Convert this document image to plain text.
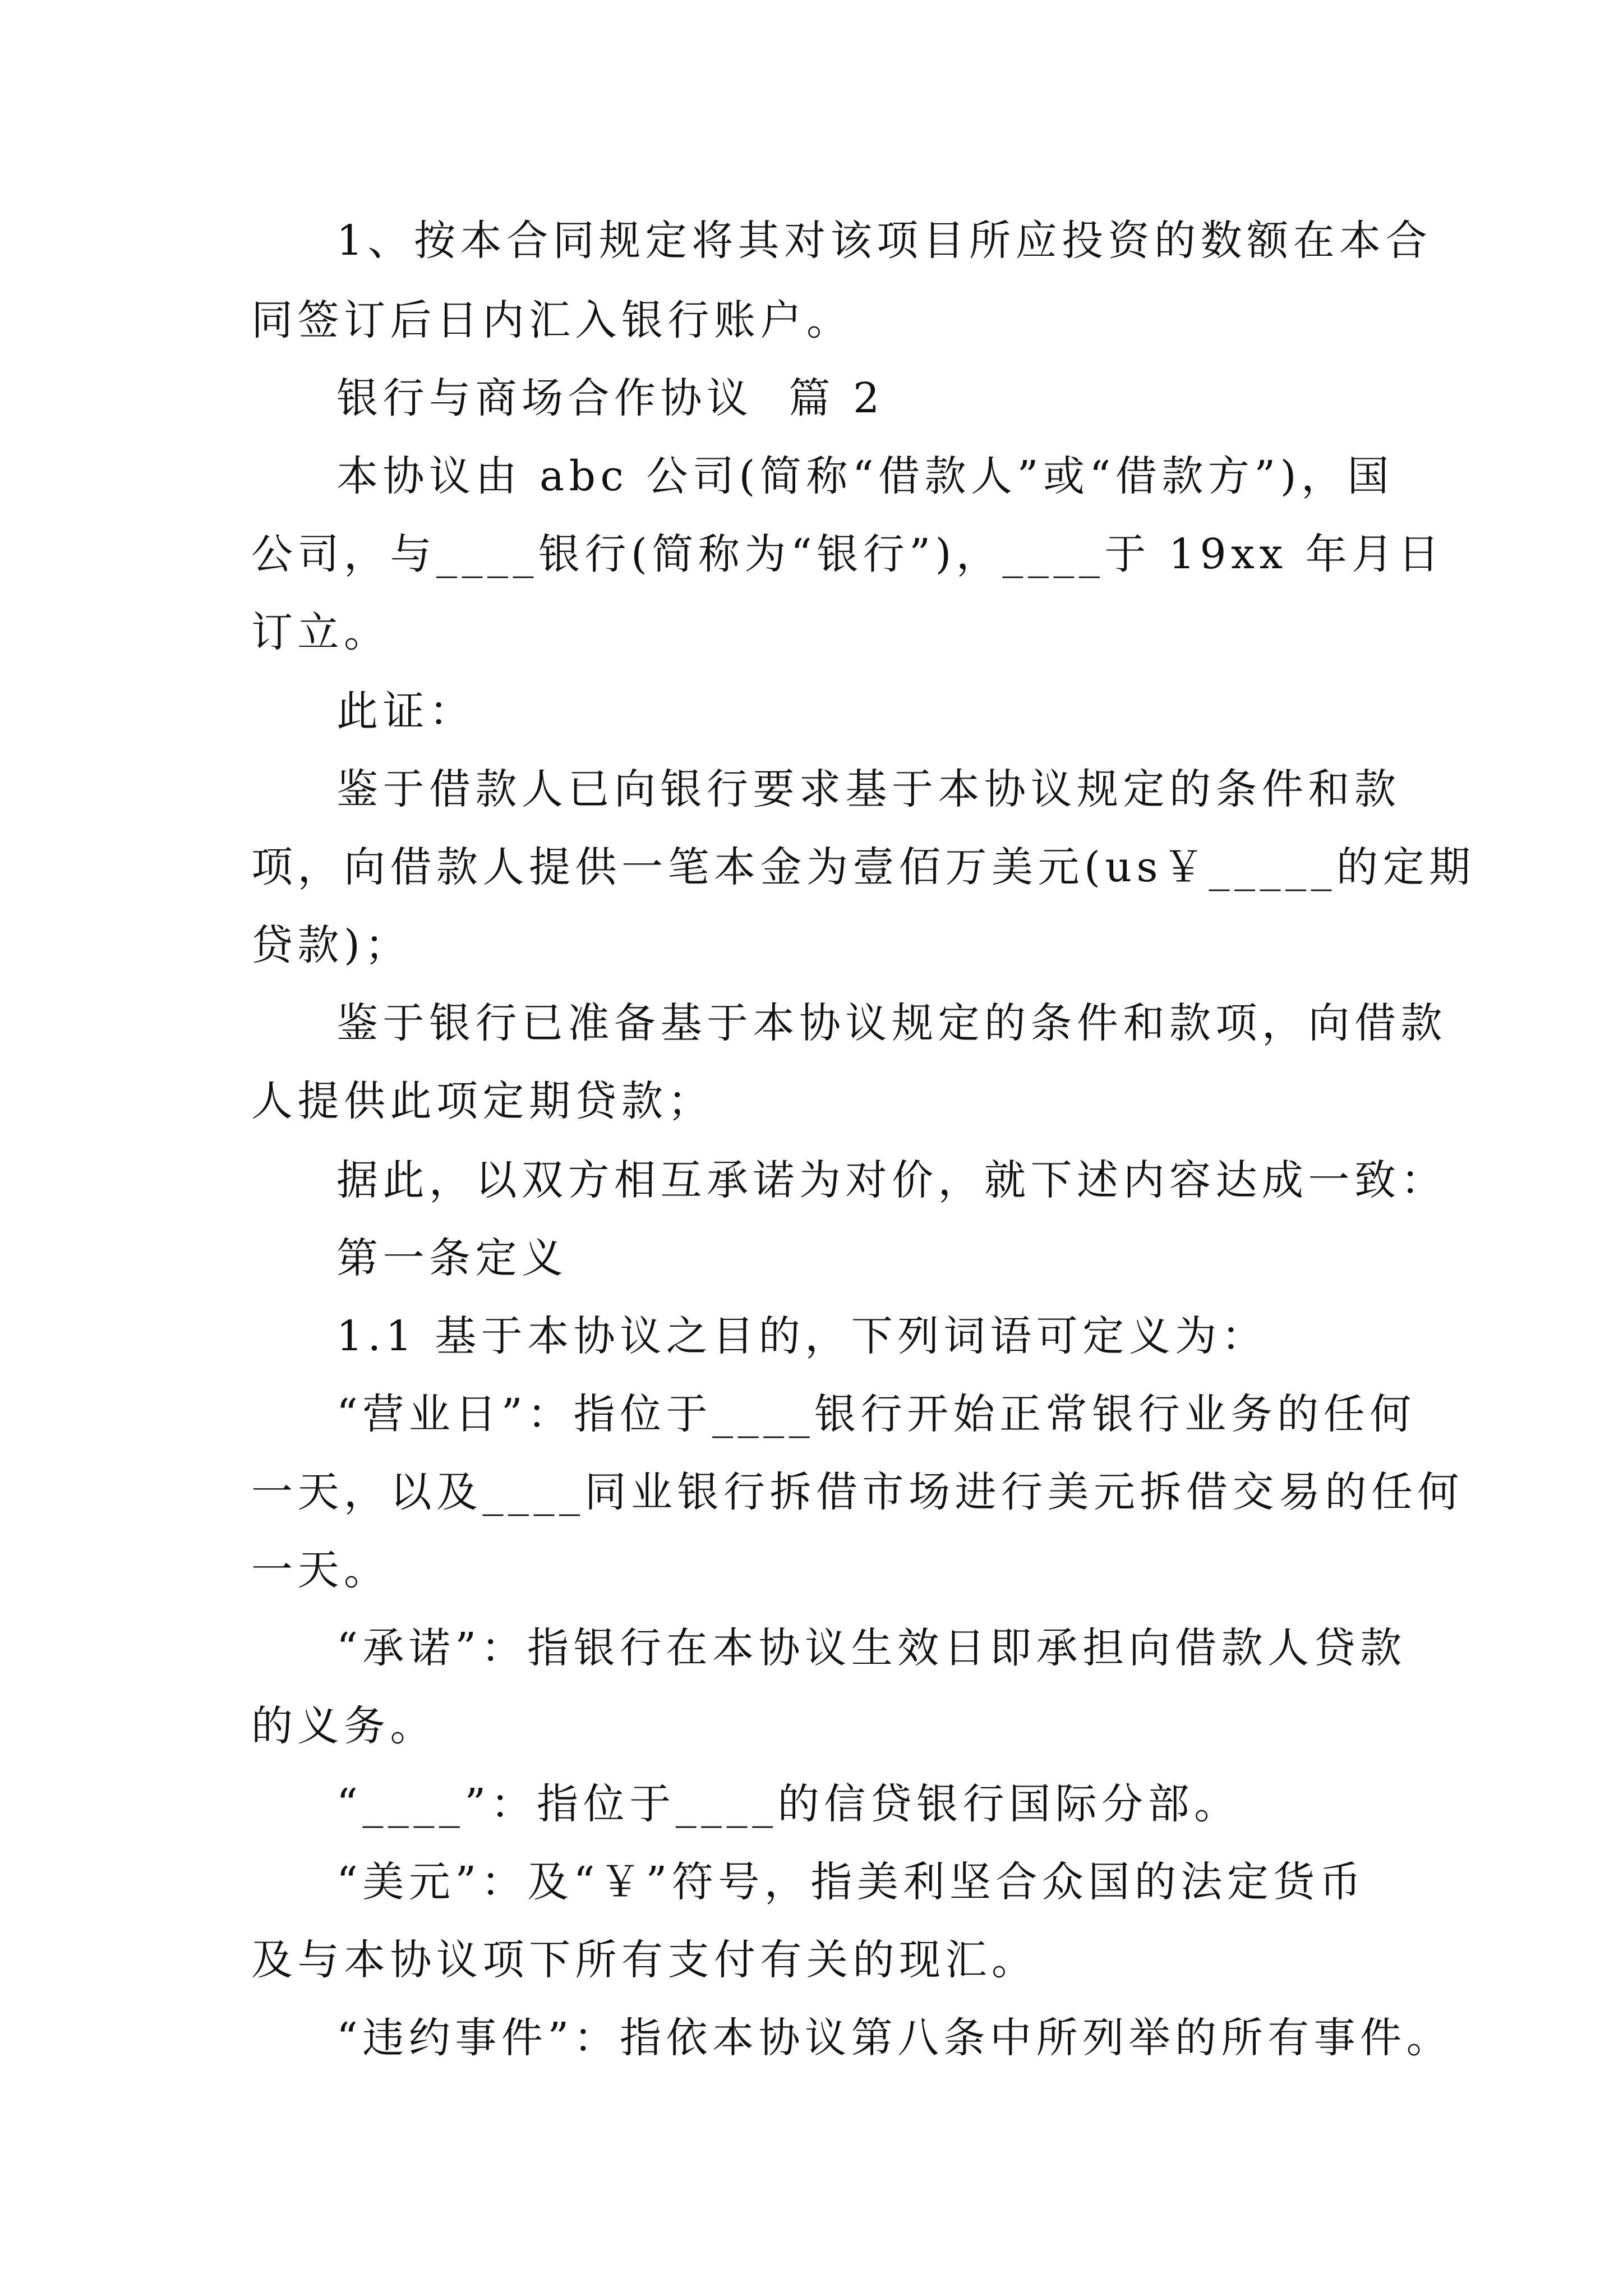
1、按本合同规定将其对该项目所应投资的数额在本合
同签订后日内汇入银行账户。
银行与商场合作协议  篇 2
本协议由 abc 公司(简称“借款人”或“借款方”)，国
公司，与____银行(简称为“银行”)，____于 19xx 年月日
订立。
此证：
鉴于借款人已向银行要求基于本协议规定的条件和款
项，向借款人提供一笔本金为壹佰万美元(us￥_____的定期
贷款)；
鉴于银行已准备基于本协议规定的条件和款项，向借款
人提供此项定期贷款；
据此，以双方相互承诺为对价，就下述内容达成一致：
第一条定义
1.1 基于本协议之目的，下列词语可定义为：
“营业日”：指位于____银行开始正常银行业务的任何
一天，以及____同业银行拆借市场进行美元拆借交易的任何
一天。
“承诺”：指银行在本协议生效日即承担向借款人贷款
的义务。
“____”：指位于____的信贷银行国际分部。
“美元”：及“￥”符号，指美利坚合众国的法定货币
及与本协议项下所有支付有关的现汇。
“违约事件”：指依本协议第八条中所列举的所有事件。
